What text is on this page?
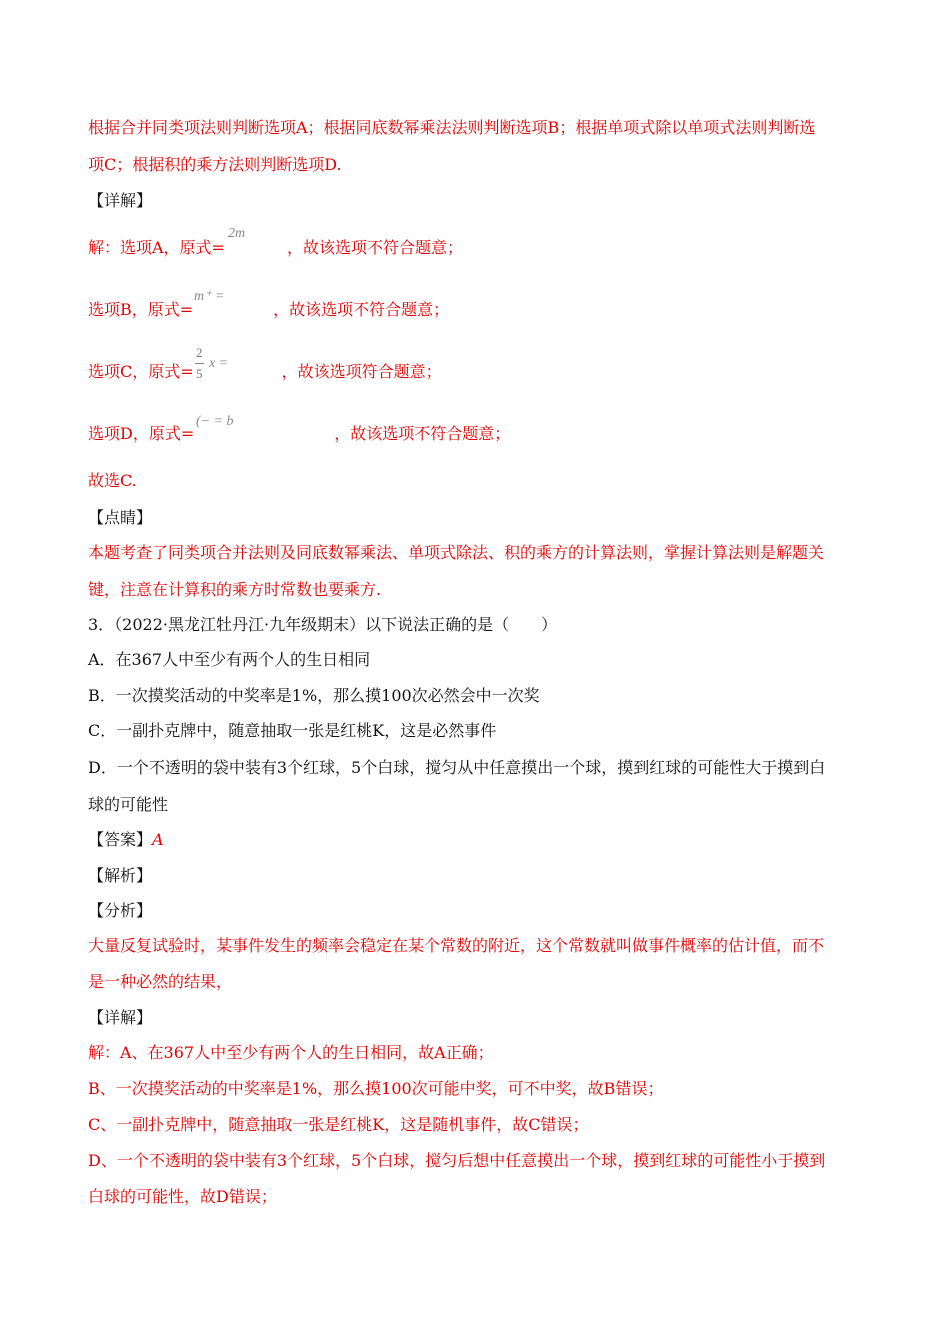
根据合并同类项法则判断选项A；根据同底数幂乘法法则判断选项B；根据单项式除以单项式法则判断选
项C；根据积的乘方法则判断选项D.
【详解】
解：选项A，原式=	，故该选项不符合题意；
2m
选项B，原式=	，故该选项不符合题意；
m⁺ =
选项C，原式=	，故该选项符合题意；
2
5
x =
选项D，原式=	，故该选项不符合题意；
(− = b
故选C.
【点睛】
本题考查了同类项合并法则及同底数幂乘法、单项式除法、积的乘方的计算法则，掌握计算法则是解题关
键，注意在计算积的乘方时常数也要乘方.
3．（2022·黑龙江牡丹江·九年级期末）以下说法正确的是（　　）
A．在367人中至少有两个人的生日相同
B．一次摸奖活动的中奖率是1%，那么摸100次必然会中一次奖
C．一副扑克牌中，随意抽取一张是红桃K，这是必然事件
D．一个不透明的袋中装有3个红球，5个白球，搅匀从中任意摸出一个球，摸到红球的可能性大于摸到白
球的可能性
【答案】A
【解析】
【分析】
大量反复试验时，某事件发生的频率会稳定在某个常数的附近，这个常数就叫做事件概率的估计值，而不
是一种必然的结果，
【详解】
解：A、在367人中至少有两个人的生日相同，故A正确；
B、一次摸奖活动的中奖率是1%，那么摸100次可能中奖，可不中奖，故B错误；
C、一副扑克牌中，随意抽取一张是红桃K，这是随机事件，故C错误；
D、一个不透明的袋中装有3个红球，5个白球，搅匀后想中任意摸出一个球，摸到红球的可能性小于摸到
白球的可能性，故D错误；
